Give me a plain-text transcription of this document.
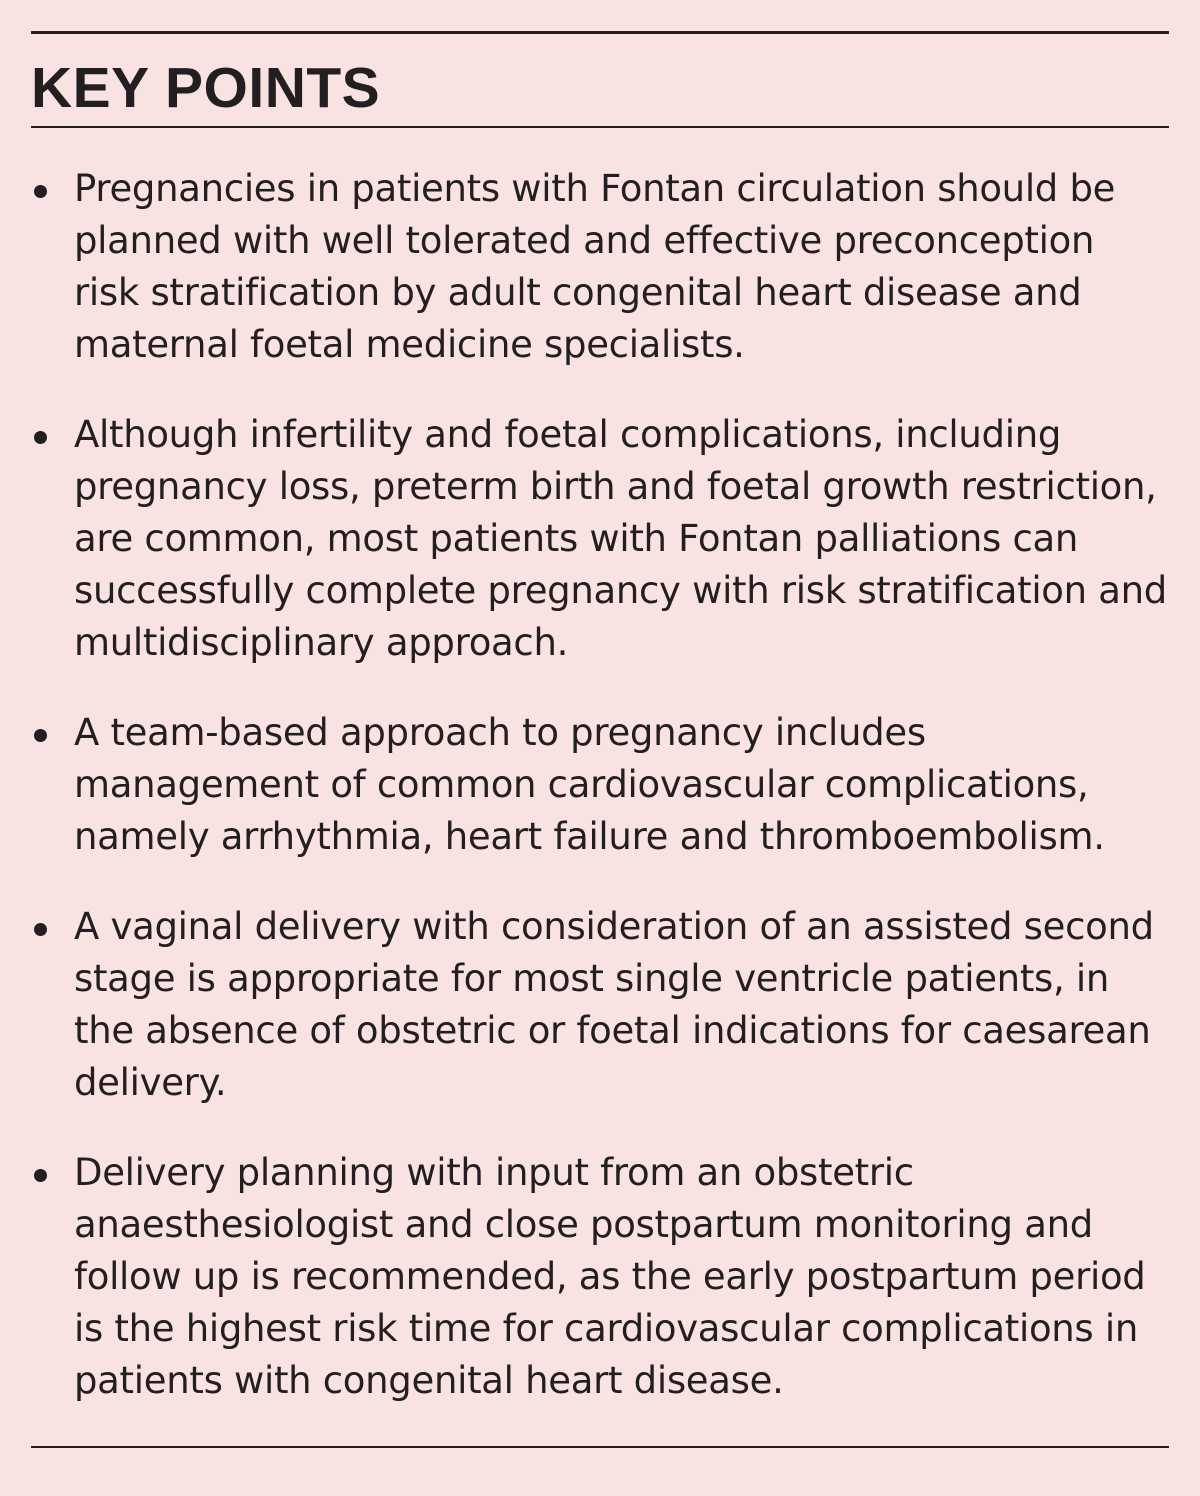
KEY POINTS
Pregnancies in patients with Fontan circulation should be planned with well tolerated and effective preconception risk stratification by adult congenital heart disease and maternal foetal medicine specialists.
Although infertility and foetal complications, including pregnancy loss, preterm birth and foetal growth restriction, are common, most patients with Fontan palliations can successfully complete pregnancy with risk stratification and multidisciplinary approach.
A team-based approach to pregnancy includes management of common cardiovascular complications, namely arrhythmia, heart failure and thromboembolism.
A vaginal delivery with consideration of an assisted second stage is appropriate for most single ventricle patients, in the absence of obstetric or foetal indications for caesarean delivery.
Delivery planning with input from an obstetric anaesthesiologist and close postpartum monitoring and follow up is recommended, as the early postpartum period is the highest risk time for cardiovascular complications in patients with congenital heart disease.
